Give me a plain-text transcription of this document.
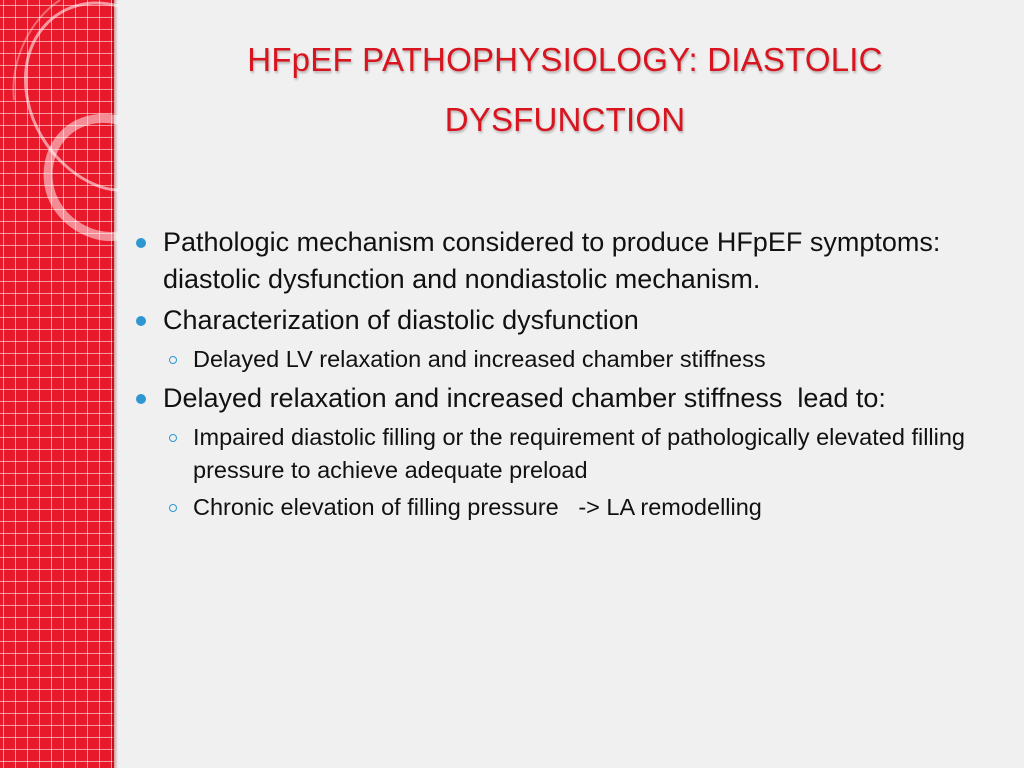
HFpEF PATHOPHYSIOLOGY: DIASTOLIC DYSFUNCTION
Pathologic mechanism considered to produce HFpEF symptoms: diastolic dysfunction and nondiastolic mechanism.
Characterization of diastolic dysfunction
Delayed LV relaxation and increased chamber stiffness
Delayed relaxation and increased chamber stiffness  lead to:
Impaired diastolic filling or the requirement of pathologically elevated filling pressure to achieve adequate preload
Chronic elevation of filling pressure   -> LA remodelling
